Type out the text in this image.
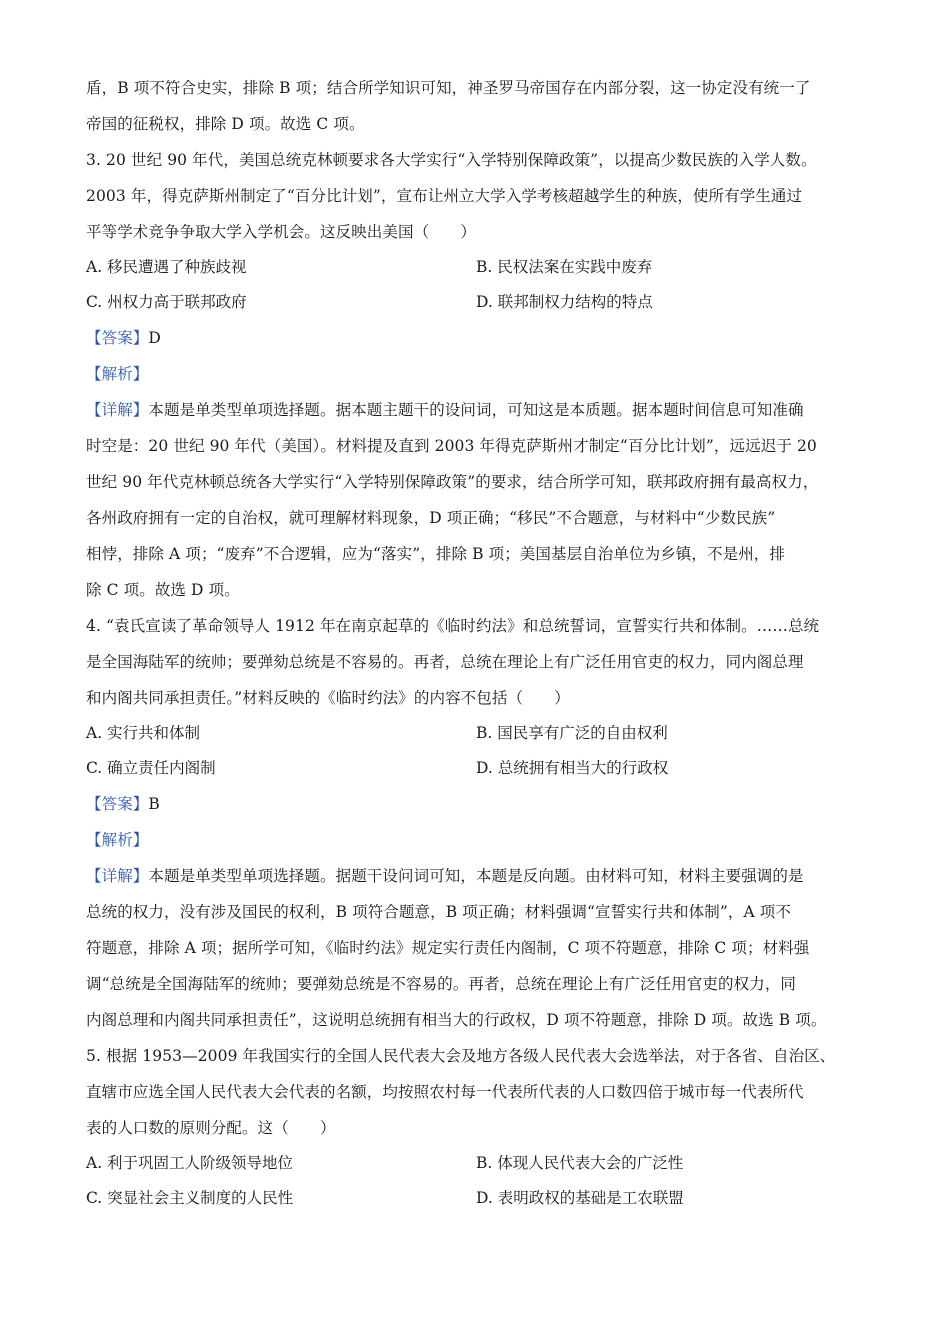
盾，B 项不符合史实，排除 B 项；结合所学知识可知，神圣罗马帝国存在内部分裂，这一协定没有统一了
帝国的征税权，排除 D 项。故选 C 项。
3. 20 世纪 90 年代，美国总统克林顿要求各大学实行“入学特别保障政策”，以提高少数民族的入学人数。
2003 年，得克萨斯州制定了“百分比计划”，宣布让州立大学入学考核超越学生的种族，使所有学生通过
平等学术竞争争取大学入学机会。这反映出美国（　　）
A. 移民遭遇了种族歧视	B. 民权法案在实践中废弃
C. 州权力高于联邦政府	D. 联邦制权力结构的特点
【答案】D
【解析】
【详解】本题是单类型单项选择题。据本题主题干的设问词，可知这是本质题。据本题时间信息可知准确
时空是：20 世纪 90 年代（美国）。材料提及直到 2003 年得克萨斯州才制定“百分比计划”，远远迟于 20
世纪 90 年代克林顿总统各大学实行“入学特别保障政策”的要求，结合所学可知，联邦政府拥有最高权力，
各州政府拥有一定的自治权，就可理解材料现象，D 项正确；“移民”不合题意，与材料中“少数民族”
相悖，排除 A 项；“废弃”不合逻辑，应为“落实”，排除 B 项；美国基层自治单位为乡镇，不是州，排
除 C 项。故选 D 项。
4. “袁氏宣读了革命领导人 1912 年在南京起草的《临时约法》和总统誓词，宣誓实行共和体制。……总统
是全国海陆军的统帅；要弹劾总统是不容易的。再者，总统在理论上有广泛任用官吏的权力，同内阁总理
和内阁共同承担责任。”材料反映的《临时约法》的内容不包括（　　）
A. 实行共和体制	B. 国民享有广泛的自由权利
C. 确立责任内阁制	D. 总统拥有相当大的行政权
【答案】B
【解析】
【详解】本题是单类型单项选择题。据题干设问词可知，本题是反向题。由材料可知，材料主要强调的是
总统的权力，没有涉及国民的权利，B 项符合题意，B 项正确；材料强调“宣誓实行共和体制”，A 项不
符题意，排除 A 项；据所学可知，《临时约法》规定实行责任内阁制，C 项不符题意，排除 C 项；材料强
调“总统是全国海陆军的统帅；要弹劾总统是不容易的。再者，总统在理论上有广泛任用官吏的权力，同
内阁总理和内阁共同承担责任”，这说明总统拥有相当大的行政权，D 项不符题意，排除 D 项。故选 B 项。
5. 根据 1953—2009 年我国实行的全国人民代表大会及地方各级人民代表大会选举法，对于各省、自治区、
直辖市应选全国人民代表大会代表的名额，均按照农村每一代表所代表的人口数四倍于城市每一代表所代
表的人口数的原则分配。这（　　）
A. 利于巩固工人阶级领导地位	B. 体现人民代表大会的广泛性
C. 突显社会主义制度的人民性	D. 表明政权的基础是工农联盟
